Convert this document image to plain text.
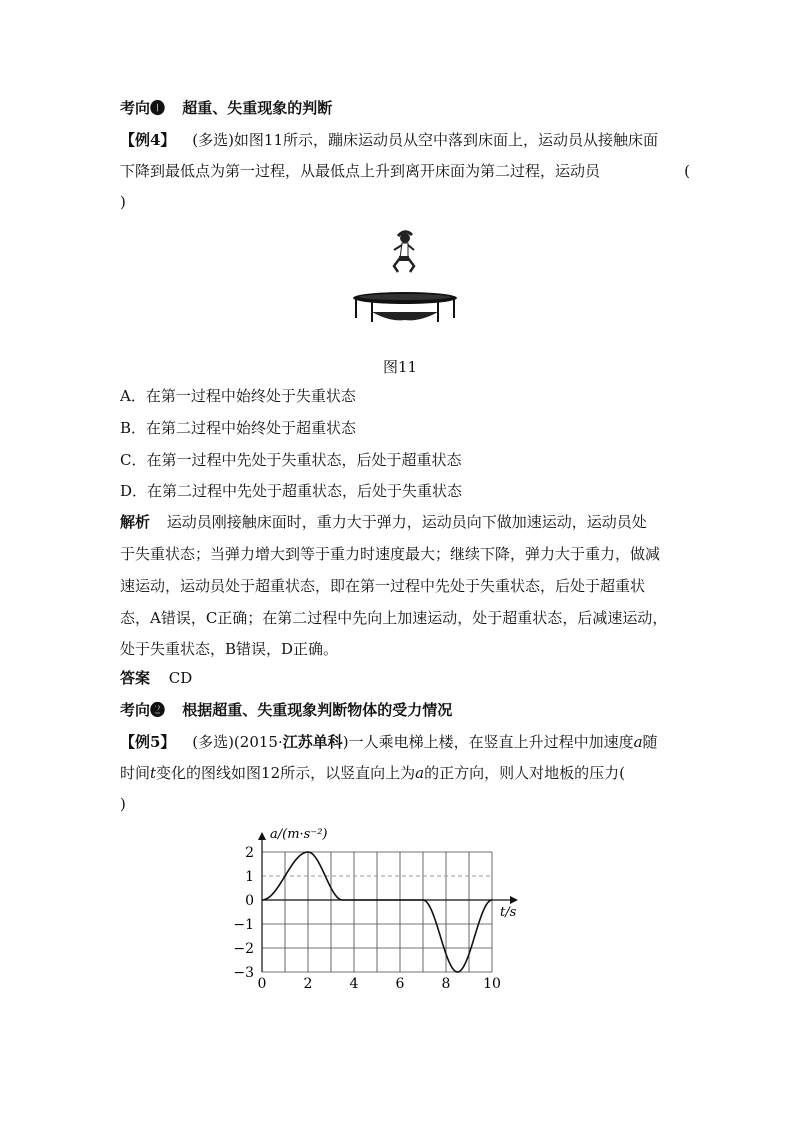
考向❶ 超重、失重现象的判断
【例4】 (多选)如图11所示，蹦床运动员从空中落到床面上，运动员从接触床面
下降到最低点为第一过程，从最低点上升到离开床面为第二过程，运动员	(
)
图11
A．在第一过程中始终处于失重状态
B．在第二过程中始终处于超重状态
C．在第一过程中先处于失重状态，后处于超重状态
D．在第二过程中先处于超重状态，后处于失重状态
解析 运动员刚接触床面时，重力大于弹力，运动员向下做加速运动，运动员处
于失重状态；当弹力增大到等于重力时速度最大；继续下降，弹力大于重力，做减
速运动，运动员处于超重状态，即在第一过程中先处于失重状态，后处于超重状
态，A错误，C正确；在第二过程中先向上加速运动，处于超重状态，后减速运动，
处于失重状态，B错误，D正确。
答案 CD
考向❷ 根据超重、失重现象判断物体的受力情况
【例5】 (多选)(2015·江苏单科)一人乘电梯上楼，在竖直上升过程中加速度a随
时间t变化的图线如图12所示，以竖直向上为a的正方向，则人对地板的压力(
)
0	2	4	6	8 10
2
1
0
−1
−2
−3
a/(m·s⁻²)
t/s
